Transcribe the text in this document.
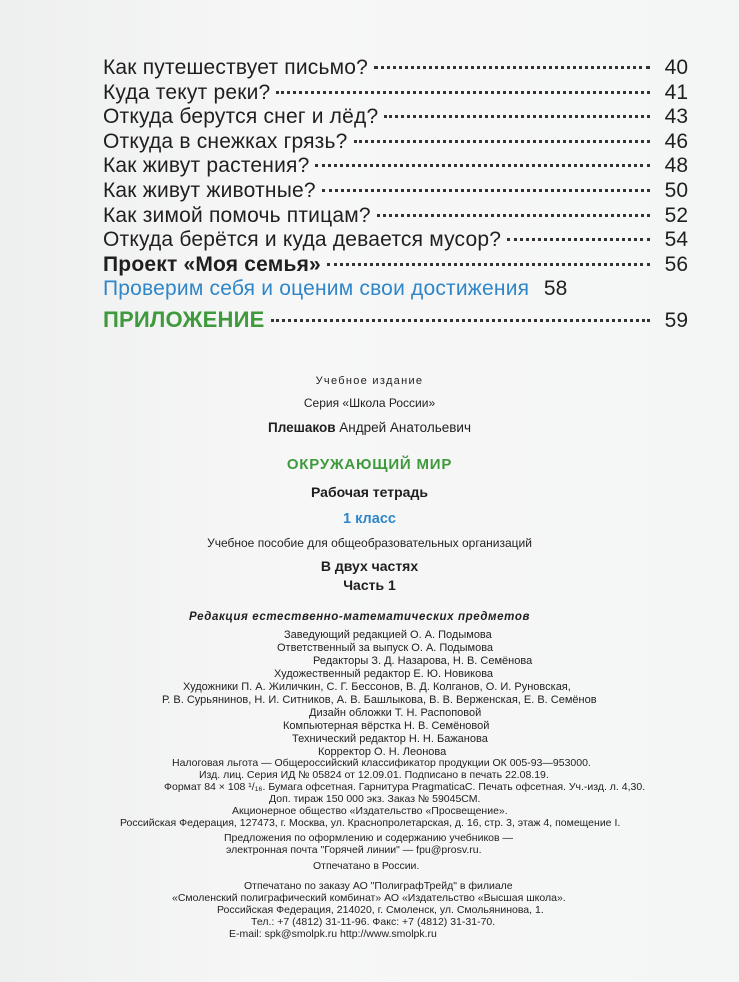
Как путешествует письмо?	40
Куда текут реки?	41
Откуда берутся снег и лёд?	43
Откуда в снежках грязь?	46
Как живут растения?	48
Как живут животные?	50
Как зимой помочь птицам?	52
Откуда берётся и куда девается мусор?	54
Проект «Моя семья»	56
Проверим себя и оценим свои достижения 58
ПРИЛОЖЕНИЕ	59
Учебное издание
Серия «Школа России»
Плешаков Андрей Анатольевич
ОКРУЖАЮЩИЙ МИР
Рабочая тетрадь
1 класс
Учебное пособие для общеобразовательных организаций
В двух частях
Часть 1
Редакция естественно-математических предметов
Заведующий редакцией О. А. Подымова
Ответственный за выпуск О. А. Подымова
Редакторы З. Д. Назарова, Н. В. Семёнова
Художественный редактор Е. Ю. Новикова
Художники П. А. Жиличкин, С. Г. Бессонов, В. Д. Колганов, О. И. Руновская,
Р. В. Сурьянинов, Н. И. Ситников, А. В. Башлыкова, В. В. Верженская, Е. В. Семёнов
Дизайн обложки Т. Н. Распоповой
Компьютерная вёрстка Н. В. Семёновой
Технический редактор Н. Н. Бажанова
Корректор О. Н. Леонова
Налоговая льгота — Общероссийский классификатор продукции ОК 005-93—953000.
Изд. лиц. Серия ИД № 05824 от 12.09.01. Подписано в печать 22.08.19.
Формат 84 × 108 ¹/₁₆. Бумага офсетная. Гарнитура PragmaticaC. Печать офсетная. Уч.-изд. л. 4,30.
Доп. тираж 150 000 экз. Заказ № 59045СМ.
Акционерное общество «Издательство «Просвещение».
Российская Федерация, 127473, г. Москва, ул. Краснопролетарская, д. 16, стр. 3, этаж 4, помещение I.
Предложения по оформлению и содержанию учебников —
электронная почта "Горячей линии" — fpu@prosv.ru.
Отпечатано в России.
Отпечатано по заказу АО "ПолиграфТрейд" в филиале
«Смоленский полиграфический комбинат» АО «Издательство «Высшая школа».
Российская Федерация, 214020, г. Смоленск, ул. Смольянинова, 1.
Тел.: +7 (4812) 31-11-96. Факс: +7 (4812) 31-31-70.
E-mail: spk@smolpk.ru http://www.smolpk.ru
